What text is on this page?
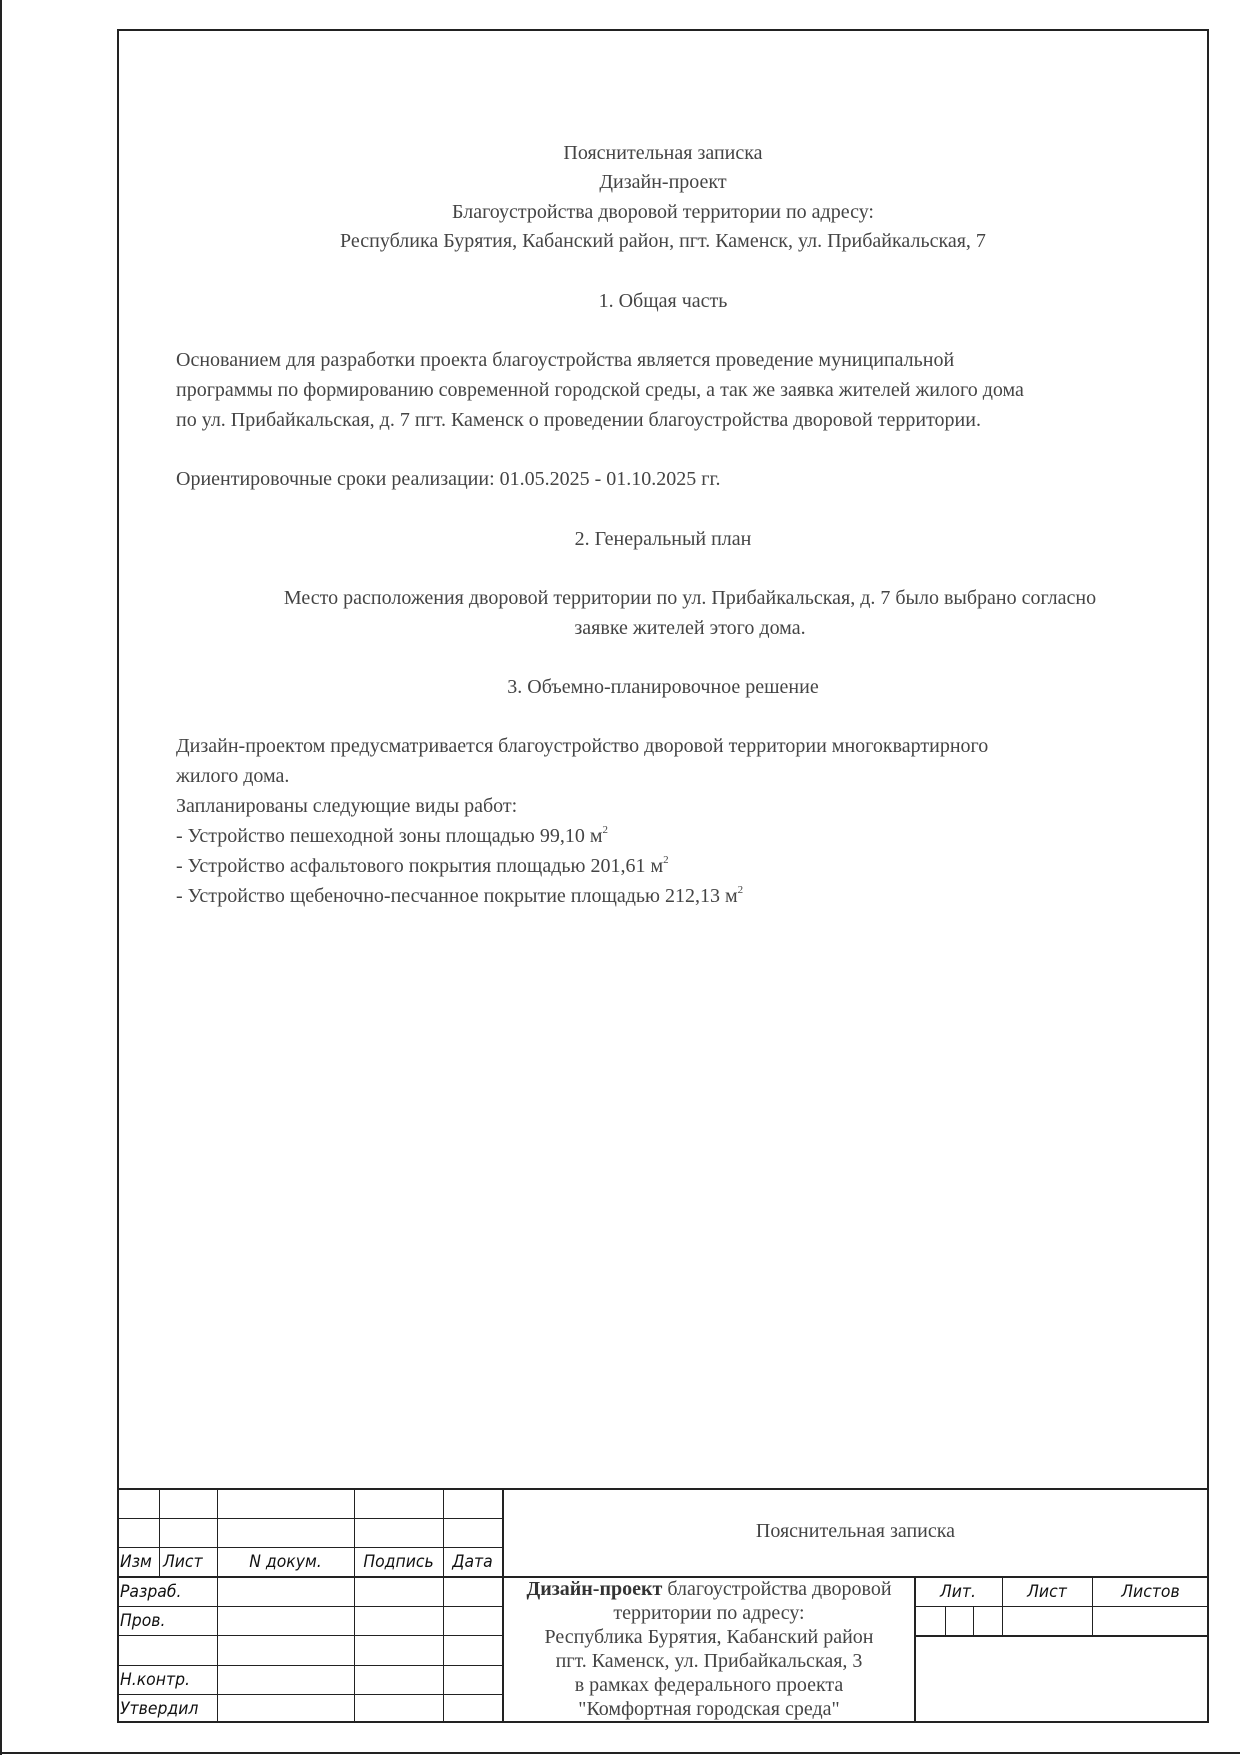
Пояснительная записка
Дизайн-проект
Благоустройства дворовой территории по адресу:
Республика Бурятия, Кабанский район, пгт. Каменск, ул. Прибайкальская, 7
1. Общая часть
Основанием для разработки проекта благоустройства является проведение муниципальной
программы по формированию современной городской среды, а так же заявка жителей жилого дома
по ул. Прибайкальская, д. 7 пгт. Каменск о проведении благоустройства дворовой территории.
Ориентировочные сроки реализации: 01.05.2025 - 01.10.2025 гг.
2. Генеральный план
Место расположения дворовой территории по ул. Прибайкальская, д. 7 было выбрано согласно
заявке жителей этого дома.
3. Объемно-планировочное решение
Дизайн-проектом предусматривается благоустройство дворовой территории многоквартирного
жилого дома.
Запланированы следующие виды работ:
- Устройство пешеходной зоны площадью 99,10 $м^2$
- Устройство асфальтового покрытия площадью 201,61 $м^2$
- Устройство щебеночно-песчанное покрытие площадью 212,13 $м^2$
Изм Лист	N докум.	Подпись	Дата
Разраб.
Пров.
Н.контр.
Утвердил
Пояснительная записка
Дизайн-проект благоустройства дворовой
территории по адресу:
Республика Бурятия, Кабанский район
пгт. Каменск, ул. Прибайкальская, 3
в рамках федерального проекта
"Комфортная городская среда"
Лит.	Лист	Листов
